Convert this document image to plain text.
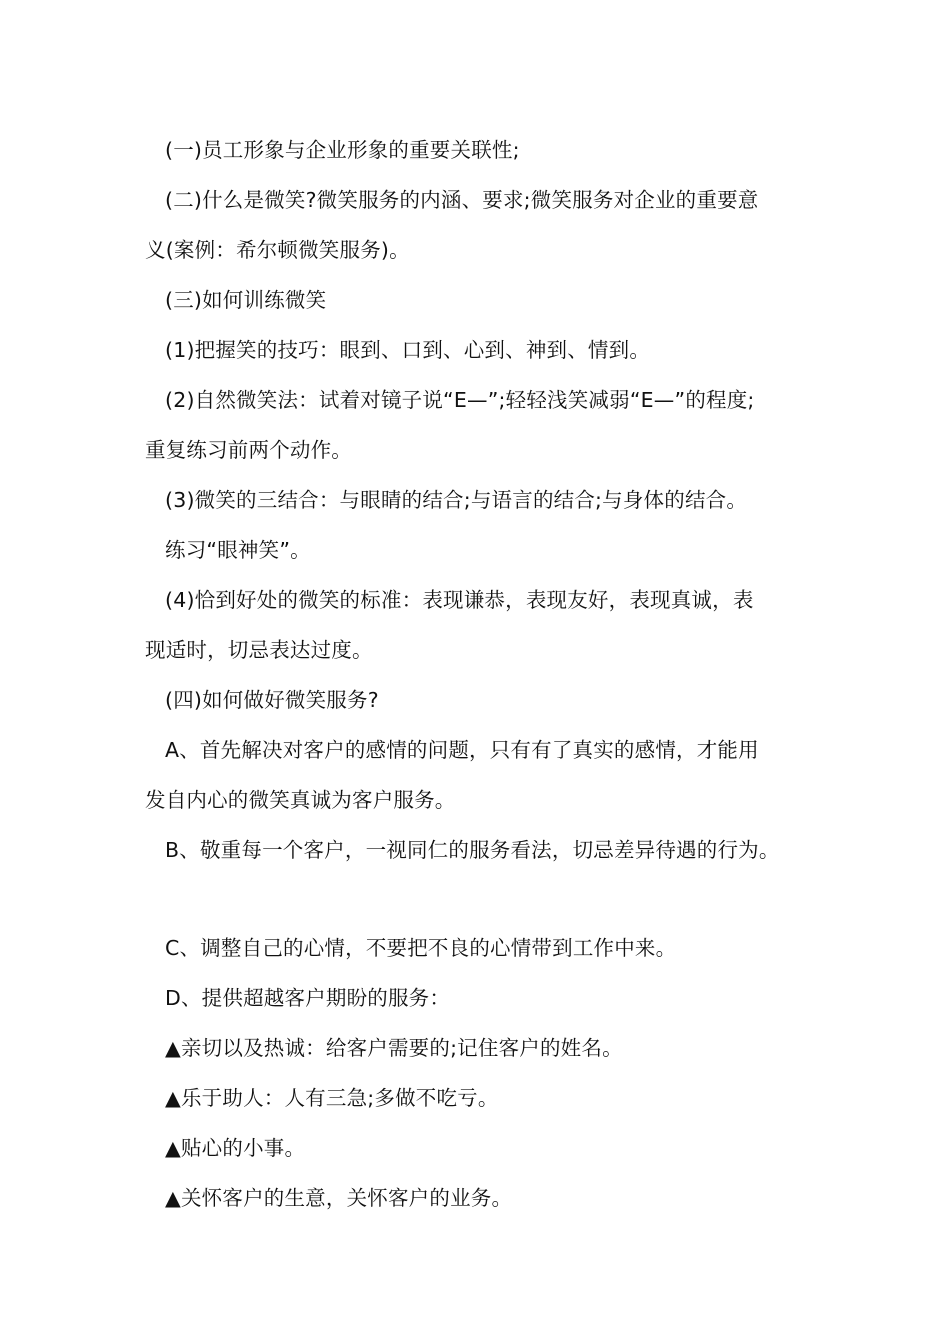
(一)员工形象与企业形象的重要关联性;
(二)什么是微笑?微笑服务的内涵、要求;微笑服务对企业的重要意
义(案例：希尔顿微笑服务)。
(三)如何训练微笑
(1)把握笑的技巧：眼到、口到、心到、神到、情到。
(2)自然微笑法：试着对镜子说“E—”;轻轻浅笑减弱“E—”的程度;
重复练习前两个动作。
(3)微笑的三结合：与眼睛的结合;与语言的结合;与身体的结合。
练习“眼神笑”。
(4)恰到好处的微笑的标准：表现谦恭，表现友好，表现真诚，表
现适时，切忌表达过度。
(四)如何做好微笑服务?
A、首先解决对客户的感情的问题，只有有了真实的感情，才能用
发自内心的微笑真诚为客户服务。
B、敬重每一个客户，一视同仁的服务看法，切忌差异待遇的行为。
C、调整自己的心情，不要把不良的心情带到工作中来。
D、提供超越客户期盼的服务：
▲亲切以及热诚：给客户需要的;记住客户的姓名。
▲乐于助人：人有三急;多做不吃亏。
▲贴心的小事。
▲关怀客户的生意，关怀客户的业务。
